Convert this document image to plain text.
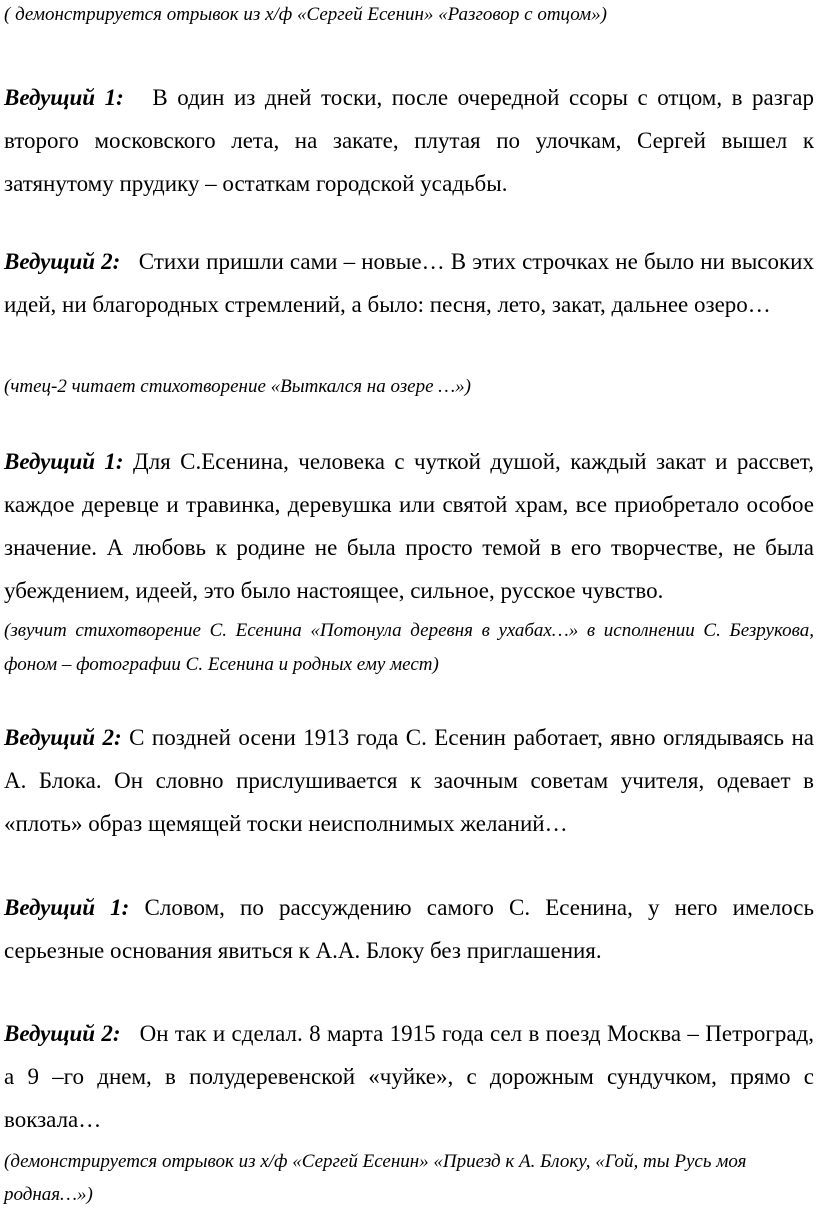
( демонстрируется отрывок из х/ф «Сергей Есенин» «Разговор с отцом»)

Ведущий 1: В один из дней тоски, после очередной ссоры с отцом, в разгар второго московского лета, на закате, плутая по улочкам, Сергей вышел к затянутому прудику – остаткам городской усадьбы.

Ведущий 2: Стихи пришли сами – новые… В этих строчках не было ни высоких идей, ни благородных стремлений, а было: песня, лето, закат, дальнее озеро…

(чтец-2 читает стихотворение «Выткался на озере …»)

Ведущий 1: Для С.Есенина, человека с чуткой душой, каждый закат и рассвет, каждое деревце и травинка, деревушка или святой храм, все приобретало особое значение. А любовь к родине не была просто темой в его творчестве, не была убеждением, идеей, это было настоящее, сильное, русское чувство.

(звучит стихотворение С. Есенина «Потонула деревня в ухабах…» в исполнении С. Безрукова, фоном – фотографии С. Есенина и родных ему мест)

Ведущий 2: С поздней осени 1913 года С. Есенин работает, явно оглядываясь на А. Блока. Он словно прислушивается к заочным советам учителя, одевает в «плоть» образ щемящей тоски неисполнимых желаний…

Ведущий 1: Словом, по рассуждению самого С. Есенина, у него имелось серьезные основания явиться к А.А. Блоку без приглашения.

Ведущий 2: Он так и сделал. 8 марта 1915 года сел в поезд Москва – Петроград, а 9 –го днем, в полудеревенской «чуйке», с дорожным сундучком, прямо с вокзала…

(демонстрируется отрывок из х/ф «Сергей Есенин» «Приезд к А. Блоку, «Гой, ты Русь моя родная…»)
